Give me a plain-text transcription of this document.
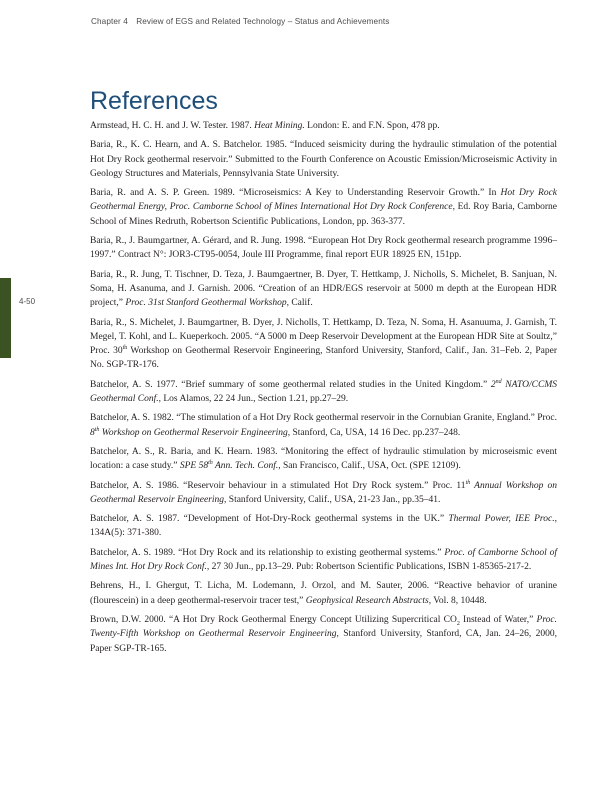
Chapter 4 Review of EGS and Related Technology – Status and Achievements
4-50
References

Armstead, H. C. H. and J. W. Tester. 1987. Heat Mining. London: E. and F.N. Spon, 478 pp.

Baria, R., K. C. Hearn, and A. S. Batchelor. 1985. “Induced seismicity during the hydraulic stimulation of the potential Hot Dry Rock geothermal reservoir.” Submitted to the Fourth Conference on Acoustic Emission/Microseismic Activity in Geology Structures and Materials, Pennsylvania State University.

Baria, R. and A. S. P. Green. 1989. “Microseismics: A Key to Understanding Reservoir Growth.” In Hot Dry Rock Geothermal Energy, Proc. Camborne School of Mines International Hot Dry Rock Conference, Ed. Roy Baria, Camborne School of Mines Redruth, Robertson Scientific Publications, London, pp. 363-377.

Baria, R., J. Baumgartner, A. Gérard, and R. Jung. 1998. “European Hot Dry Rock geothermal research programme 1996–1997.” Contract N°: JOR3-CT95-0054, Joule III Programme, final report EUR 18925 EN, 151pp.

Baria, R., R. Jung, T. Tischner, D. Teza, J. Baumgaertner, B. Dyer, T. Hettkamp, J. Nicholls, S. Michelet, B. Sanjuan, N. Soma, H. Asanuma, and J. Garnish. 2006. “Creation of an HDR/EGS reservoir at 5000 m depth at the European HDR project,” Proc. 31st Stanford Geothermal Workshop, Calif.

Baria, R., S. Michelet, J. Baumgartner, B. Dyer, J. Nicholls, T. Hettkamp, D. Teza, N. Soma, H. Asanuuma, J. Garnish, T. Megel, T. Kohl, and L. Kueperkoch. 2005. “A 5000 m Deep Reservoir Development at the European HDR Site at Soultz,” Proc. 30th Workshop on Geothermal Reservoir Engineering, Stanford University, Stanford, Calif., Jan. 31–Feb. 2, Paper No. SGP-TR-176.

Batchelor, A. S. 1977. “Brief summary of some geothermal related studies in the United Kingdom.” 2nd NATO/CCMS Geothermal Conf., Los Alamos, 22 24 Jun., Section 1.21, pp.27–29.

Batchelor, A. S. 1982. “The stimulation of a Hot Dry Rock geothermal reservoir in the Cornubian Granite, England.” Proc. 8th Workshop on Geothermal Reservoir Engineering, Stanford, Ca, USA, 14 16 Dec. pp.237–248.

Batchelor, A. S., R. Baria, and K. Hearn. 1983. “Monitoring the effect of hydraulic stimulation by microseismic event location: a case study.” SPE 58th Ann. Tech. Conf., San Francisco, Calif., USA, Oct. (SPE 12109).

Batchelor, A. S. 1986. “Reservoir behaviour in a stimulated Hot Dry Rock system.” Proc. 11th Annual Workshop on Geothermal Reservoir Engineering, Stanford University, Calif., USA, 21-23 Jan., pp.35–41.

Batchelor, A. S. 1987. “Development of Hot-Dry-Rock geothermal systems in the UK.” Thermal Power, IEE Proc., 134A(5): 371-380.

Batchelor, A. S. 1989. “Hot Dry Rock and its relationship to existing geothermal systems.” Proc. of Camborne School of Mines Int. Hot Dry Rock Conf., 27 30 Jun., pp.13–29. Pub: Robertson Scientific Publications, ISBN 1-85365-217-2.

Behrens, H., I. Ghergut, T. Licha, M. Lodemann, J. Orzol, and M. Sauter, 2006. “Reactive behavior of uranine (flourescein) in a deep geothermal-reservoir tracer test,” Geophysical Research Abstracts, Vol. 8, 10448.

Brown, D.W. 2000. “A Hot Dry Rock Geothermal Energy Concept Utilizing Supercritical $CO_2$ Instead of Water,” Proc. Twenty-Fifth Workshop on Geothermal Reservoir Engineering, Stanford University, Stanford, CA, Jan. 24–26, 2000, Paper SGP-TR-165.
